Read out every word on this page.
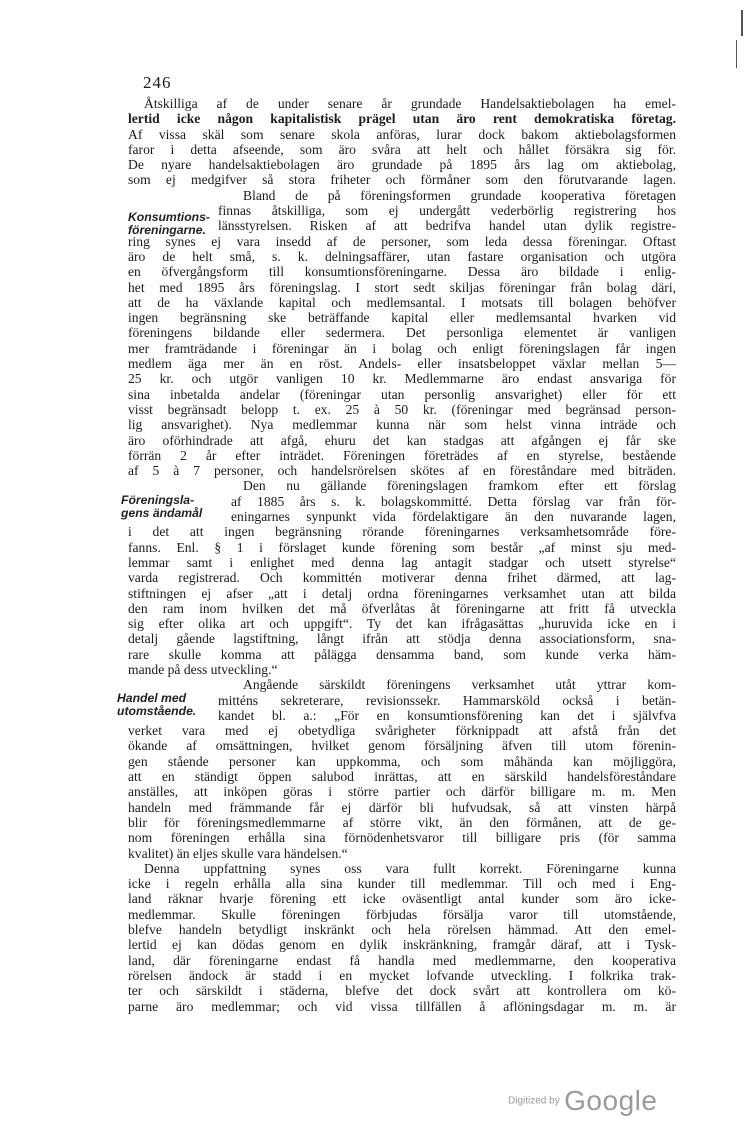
246
Konsumtions-
föreningarne.
Föreningsla-
gens ändamål
Handel med
utomstående.
Åtskilliga af de under senare år grundade Handelsaktiebolagen ha emel-
lertid icke någon kapitalistisk prägel utan äro rent demokratiska företag.
Af vissa skäl som senare skola anföras, lurar dock bakom aktiebolagsformen
faror i detta afseende, som äro svåra att helt och hållet försäkra sig för.
De nyare handelsaktiebolagen äro grundade på 1895 års lag om aktiebolag,
som ej medgifver så stora friheter och förmåner som den förutvarande lagen.
Bland de på föreningsformen grundade kooperativa företagen
finnas åtskilliga, som ej undergått vederbörlig registrering hos
länsstyrelsen. Risken af att bedrifva handel utan dylik registre-
ring synes ej vara insedd af de personer, som leda dessa föreningar. Oftast
äro de helt små, s. k. delningsaffärer, utan fastare organisation och utgöra
en öfvergångsform till konsumtionsföreningarne. Dessa äro bildade i enlig-
het med 1895 års föreningslag. I stort sedt skiljas föreningar från bolag däri,
att de ha växlande kapital och medlemsantal. I motsats till bolagen behöfver
ingen begränsning ske beträffande kapital eller medlemsantal hvarken vid
föreningens bildande eller sedermera. Det personliga elementet är vanligen
mer framträdande i föreningar än i bolag och enligt föreningslagen får ingen
medlem äga mer än en röst. Andels- eller insatsbeloppet växlar mellan 5—
25 kr. och utgör vanligen 10 kr. Medlemmarne äro endast ansvariga för
sina inbetalda andelar (föreningar utan personlig ansvarighet) eller för ett
visst begränsadt belopp t. ex. 25 à 50 kr. (föreningar med begränsad person-
lig ansvarighet). Nya medlemmar kunna när som helst vinna inträde och
äro oförhindrade att afgå, ehuru det kan stadgas att afgången ej får ske
förrän 2 år efter inträdet. Föreningen företrädes af en styrelse, bestående
af 5 à 7 personer, och handelsrörelsen skötes af en föreståndare med biträden.
Den nu gällande föreningslagen framkom efter ett förslag
af 1885 års s. k. bolagskommitté. Detta förslag var från för-
eningarnes synpunkt vida fördelaktigare än den nuvarande lagen,
i det att ingen begränsning rörande föreningarnes verksamhetsområde före-
fanns. Enl. § 1 i förslaget kunde förening som består „af minst sju med-
lemmar samt i enlighet med denna lag antagit stadgar och utsett styrelse“
varda registrerad. Och kommittén motiverar denna frihet därmed, att lag-
stiftningen ej afser „att i detalj ordna föreningarnes verksamhet utan att bilda
den ram inom hvilken det må öfverlåtas åt föreningarne att fritt få utveckla
sig efter olika art och uppgift“. Ty det kan ifrågasättas „huruvida icke en i
detalj gående lagstiftning, långt ifrån att stödja denna associationsform, sna-
rare skulle komma att pålägga densamma band, som kunde verka häm-
mande på dess utveckling.“
Angående särskildt föreningens verksamhet utåt yttrar kom-
mitténs sekreterare, revisionssekr. Hammarsköld också i betän-
kandet bl. a.: „För en konsumtionsförening kan det i självfva
verket vara med ej obetydliga svårigheter förknippadt att afstå från det
ökande af omsättningen, hvilket genom försäljning äfven till utom förenin-
gen stående personer kan uppkomma, och som måhända kan möjliggöra,
att en ständigt öppen salubod inrättas, att en särskild handelsföreståndare
anställes, att inköpen göras i större partier och därför billigare m. m. Men
handeln med främmande får ej därför bli hufvudsak, så att vinsten härpå
blir för föreningsmedlemmarne af större vikt, än den förmånen, att de ge-
nom föreningen erhålla sina förnödenhetsvaror till billigare pris (för samma
kvalitet) än eljes skulle vara händelsen.“
Denna uppfattning synes oss vara fullt korrekt. Föreningarne kunna
icke i regeln erhålla alla sina kunder till medlemmar. Till och med i Eng-
land räknar hvarje förening ett icke oväsentligt antal kunder som äro icke-
medlemmar. Skulle föreningen förbjudas försälja varor till utomstående,
blefve handeln betydligt inskränkt och hela rörelsen hämmad. Att den emel-
lertid ej kan dödas genom en dylik inskränkning, framgår däraf, att i Tysk-
land, där föreningarne endast få handla med medlemmarne, den kooperativa
rörelsen ändock är stadd i en mycket lofvande utveckling. I folkrika trak-
ter och särskildt i städerna, blefve det dock svårt att kontrollera om kö-
parne äro medlemmar; och vid vissa tillfällen å aflöningsdagar m. m. är
Digitized by Google
